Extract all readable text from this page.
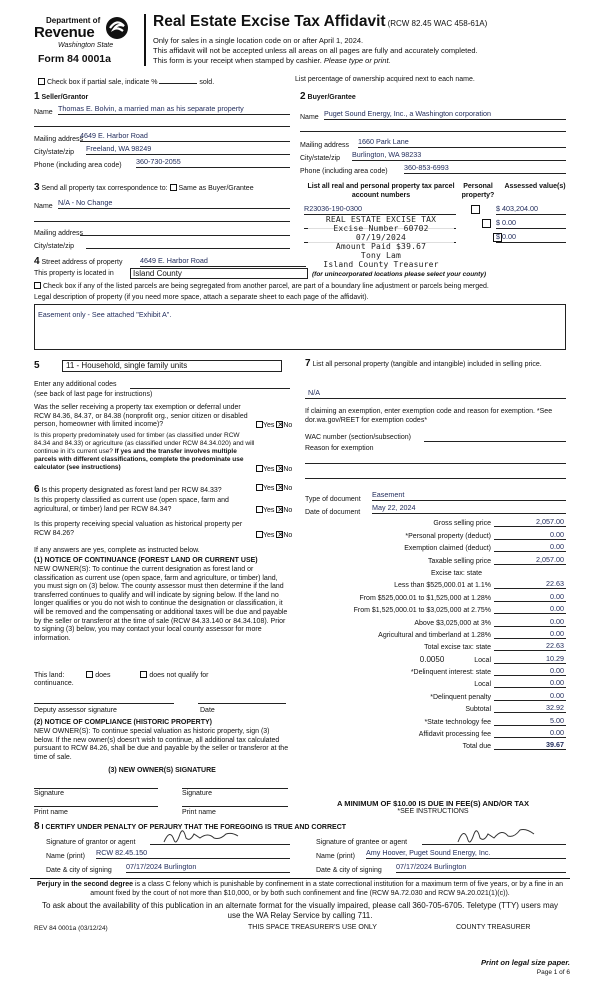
Department of
Revenue
Washington State
Form 84 0001a
Real Estate Excise Tax Affidavit (RCW 82.45 WAC 458-61A)
Only for sales in a single location code on or after April 1, 2024.
This affidavit will not be accepted unless all areas on all pages are fully and accurately completed.
This form is your receipt when stamped by cashier. Please type or print.
Check box if partial sale, indicate %	sold.	List percentage of ownership acquired next to each name.
1 Seller/Grantor
Name Thomas E. Bolvin, a married man as his separate property
Mailing address
4649 E. Harbor Road
City/state/zip Freeland, WA 98249
Phone (including area code) 360-730-2055
2 Buyer/Grantee
Name Puget Sound Energy, Inc., a Washington corporation
Mailing address 1660 Park Lane
City/state/zip Burlington, WA 98233
Phone (including area code) 360-853-6993
3 Send all property tax correspondence to: Same as Buyer/Grantee
Name N/A - No Change
Mailing address
City/state/zip
List all real and personal property tax parcel account numbers
Personal property?
Assessed value(s)
R23036-190-0300
	$ 403,204.00
$ 0.00
$ 0.00
REAL ESTATE EXCISE TAX
Excise Number 60702
07/19/2024
Amount Paid $39.67
Tony Lam
Island County Treasurer
4 Street address of property 4649 E. Harbor Road
This property is located in	Island County	(for unincorporated locations please select your county)
Check box if any of the listed parcels are being segregated from another parcel, are part of a boundary line adjustment or parcels being merged.
Legal description of property (if you need more space, attach a separate sheet to each page of the affidavit).
Easement only - See attached "Exhibit A".
5	11 - Household, single family units
Enter any additional codes
(see back of last page for instructions)
Was the seller receiving a property tax exemption or deferral under RCW 84.36, 84.37, or 84.38 (nonprofit org., senior citizen or disabled person, homeowner with limited income)?	Yes ✕ No
Is this property predominately used for timber (as classified under RCW 84.34 and 84.33) or agriculture (as classified under RCW 84.34.020) and will continue in it's current use? If yes and the transfer involves multiple parcels with different classifications, complete the predominate use calculator (see instructions)	Yes ✕ No
6 Is this property designated as forest land per RCW 84.33?	Yes ✕ No
Is this property classified as current use (open space, farm and agricultural, or timber) land per RCW 84.34?	Yes ✕ No
Is this property receiving special valuation as historical property per RCW 84.26?	Yes ✕ No
If any answers are yes, complete as instructed below.
(1) NOTICE OF CONTINUANCE (FOREST LAND OR CURRENT USE)
NEW OWNER(S): To continue the current designation as forest land or classification as current use (open space, farm and agriculture, or timber) land, you must sign on (3) below. The county assessor must then determine if the land transferred continues to qualify and will indicate by signing below. If the land no longer qualifies or you do not wish to continue the designation or classification, it will be removed and the compensating or additional taxes will be due and payable by the seller or transferor at the time of sale (RCW 84.33.140 or 84.34.108). Prior to signing (3) below, you may contact your local county assessor for more information.
This land:	does	does not qualify for
continuance.
Deputy assessor signature	Date
(2) NOTICE OF COMPLIANCE (HISTORIC PROPERTY)
NEW OWNER(S): To continue special valuation as historic property, sign (3) below. If the new owner(s) doesn't wish to continue, all additional tax calculated pursuant to RCW 84.26, shall be due and payable by the seller or transferor at the time of sale.
(3) NEW OWNER(S) SIGNATURE
Signature	Signature
Print name	Print name
7 List all personal property (tangible and intangible) included in selling price.
N/A
If claiming an exemption, enter exemption code and reason for exemption. *See dor.wa.gov/REET for exemption codes*
WAC number (section/subsection)
Reason for exemption
Type of document
Easement
Date of document
May 22, 2024
Gross selling price	2,057.00
*Personal property (deduct)	0.00
Exemption claimed (deduct)	0.00
Taxable selling price	2,057.00
Excise tax: state
Less than $525,000.01 at 1.1%	22.63
From $525,000.01 to $1,525,000 at 1.28%	0.00
From $1,525,000.01 to $3,025,000 at 2.75%	0.00
Above $3,025,000 at 3%	0.00
Agricultural and timberland at 1.28%	0.00
Total excise tax: state	22.63
0.0050	Local	10.29
*Delinquent interest: state	0.00
Local	0.00
*Delinquent penalty	0.00
Subtotal	32.92
*State technology fee	5.00
Affidavit processing fee	0.00
Total due	39.67
A MINIMUM OF $10.00 IS DUE IN FEE(S) AND/OR TAX
*SEE INSTRUCTIONS
8 I CERTIFY UNDER PENALTY OF PERJURY THAT THE FOREGOING IS TRUE AND CORRECT
Signature of grantor or agent
Name (print) RCW 82.45.150
Date & city of signing 07/17/2024 Burlington
Signature of grantee or agent
Name (print) Amy Hoover, Puget Sound Energy, Inc.
Date & city of signing 07/17/2024 Burlington
Perjury in the second degree is a class C felony which is punishable by confinement in a state correctional institution for a maximum term of five years, or by a fine in an amount fixed by the court of not more than $10,000, or by both such confinement and fine (RCW 9A.72.030 and RCW 9A.20.021(1)(c)).
To ask about the availability of this publication in an alternate format for the visually impaired, please call 360-705-6705. Teletype (TTY) users may use the WA Relay Service by calling 711.
REV 84 0001a (03/12/24)	THIS SPACE TREASURER'S USE ONLY	COUNTY TREASURER
Print on legal size paper.
Page 1 of 6
